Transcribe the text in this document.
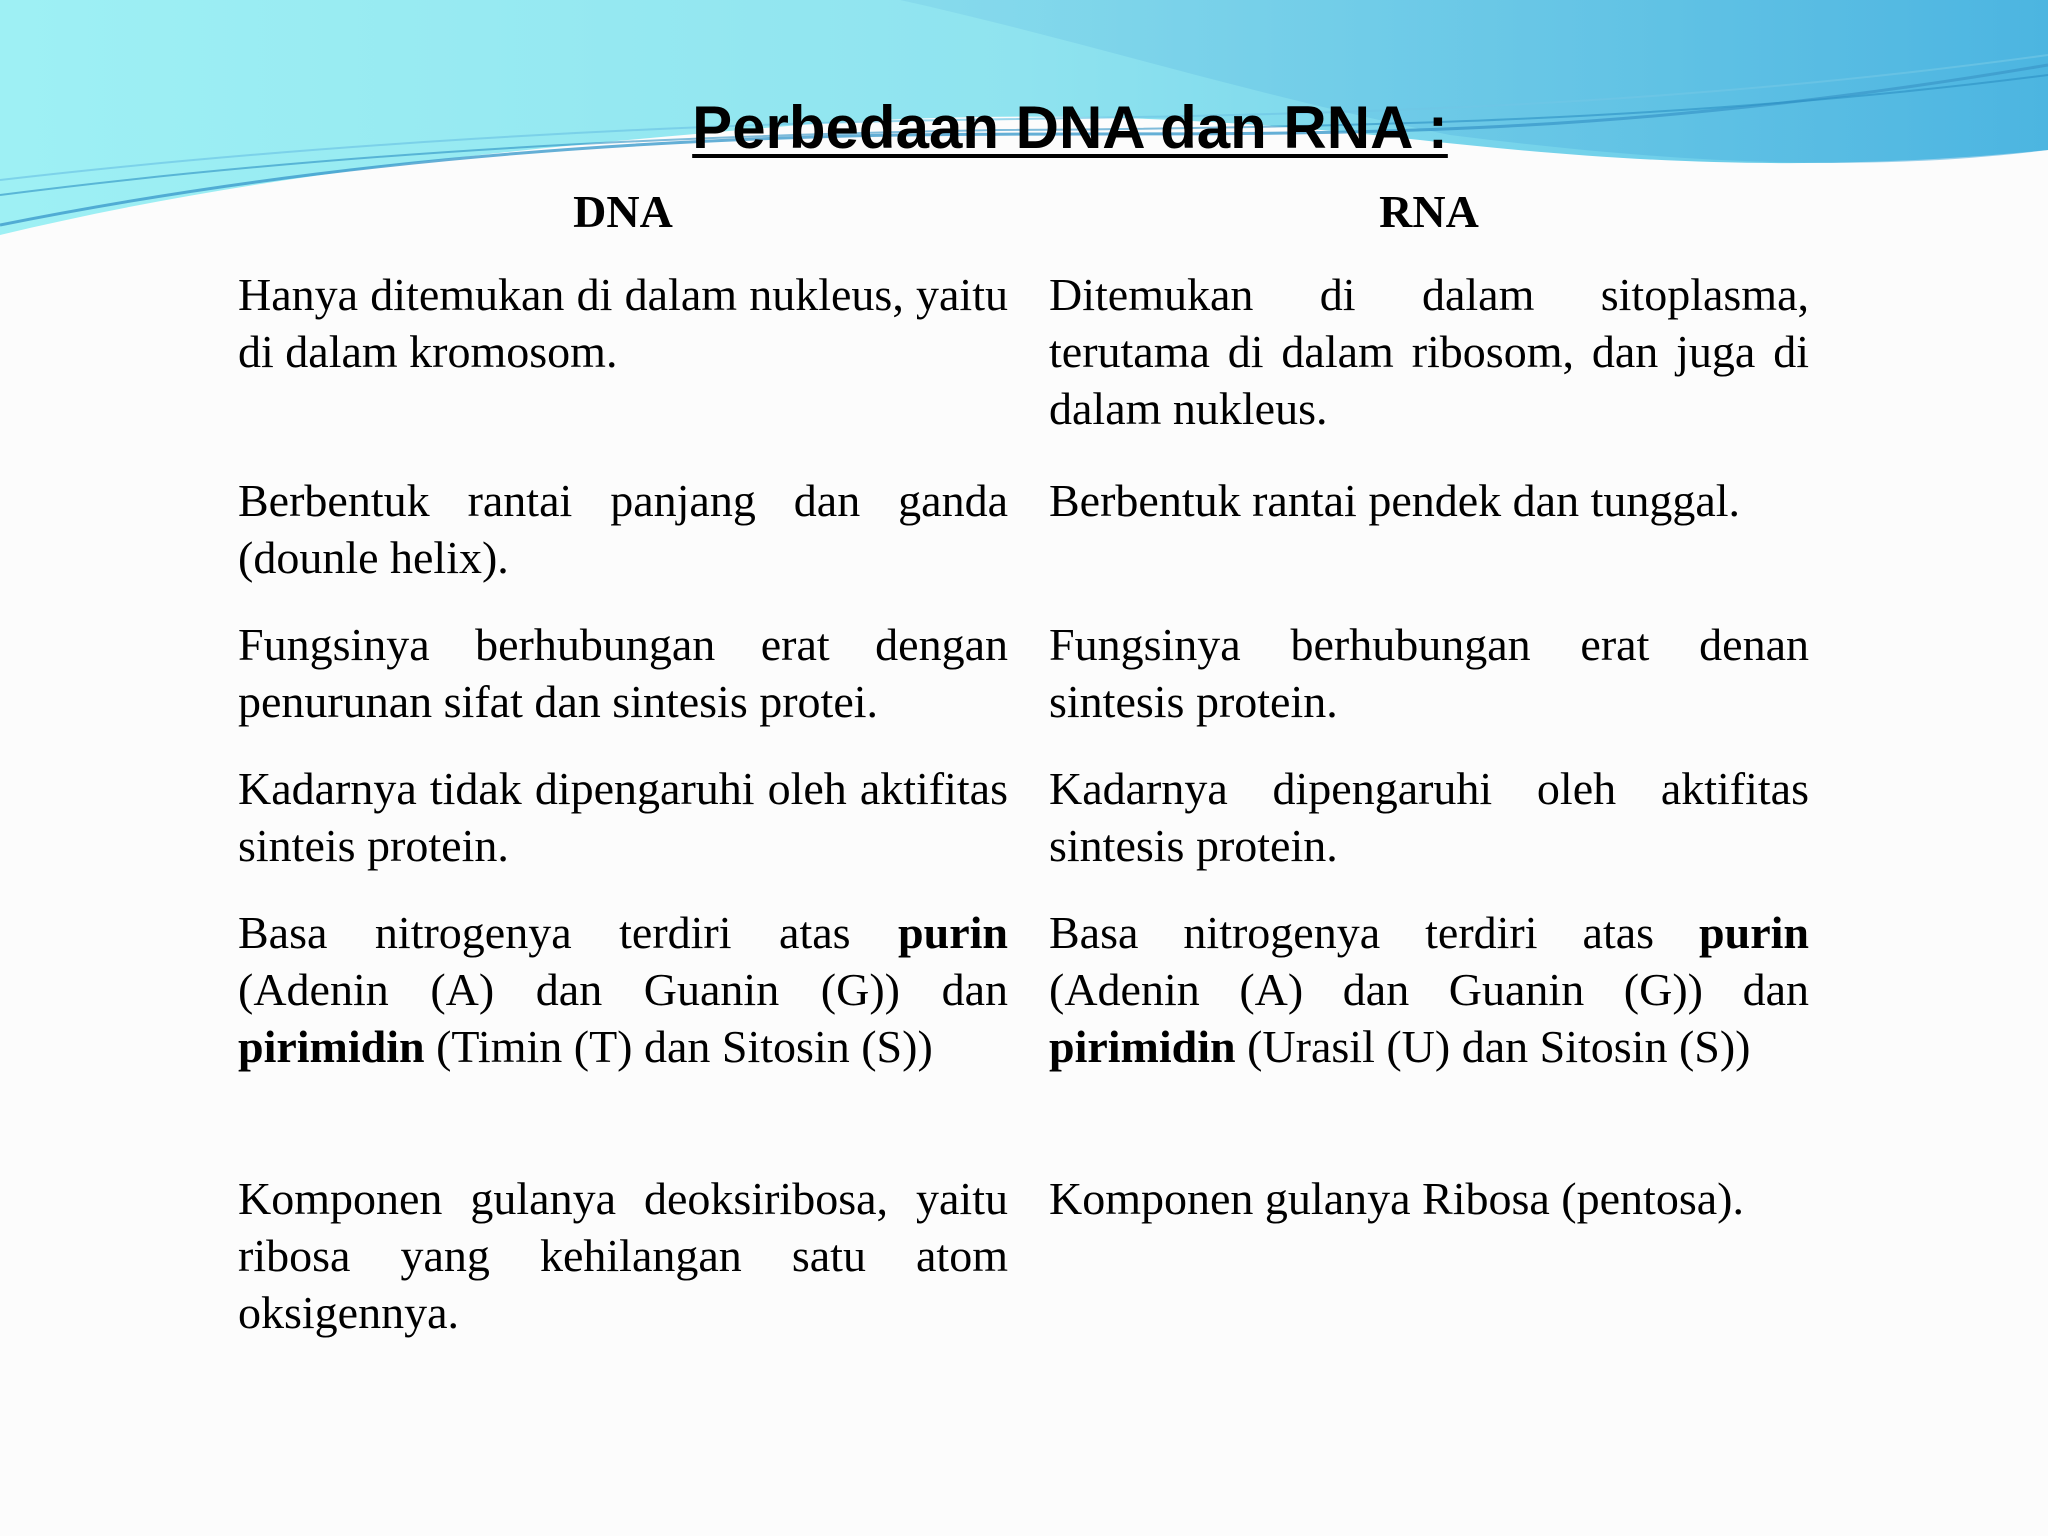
Perbedaan DNA dan RNA :
DNA	RNA
Hanya ditemukan di dalam nukleus, yaitu di dalam kromosom.
Ditemukan di dalam sitoplasma, terutama di dalam ribosom, dan juga di dalam nukleus.
Berbentuk rantai panjang dan ganda (dounle helix).
Berbentuk rantai pendek dan tunggal.
Fungsinya berhubungan erat dengan penurunan sifat dan sintesis protei.
Fungsinya berhubungan erat denan sintesis protein.
Kadarnya tidak dipengaruhi oleh aktifitas sinteis protein.
Kadarnya dipengaruhi oleh aktifitas sintesis protein.
Basa nitrogenya terdiri atas purin (Adenin (A) dan Guanin (G)) dan pirimidin (Timin (T) dan Sitosin (S))
Basa nitrogenya terdiri atas purin (Adenin (A) dan Guanin (G)) dan pirimidin (Urasil (U) dan Sitosin (S))
Komponen gulanya deoksiribosa, yaitu ribosa yang kehilangan satu atom oksigennya.
Komponen gulanya Ribosa (pentosa).
